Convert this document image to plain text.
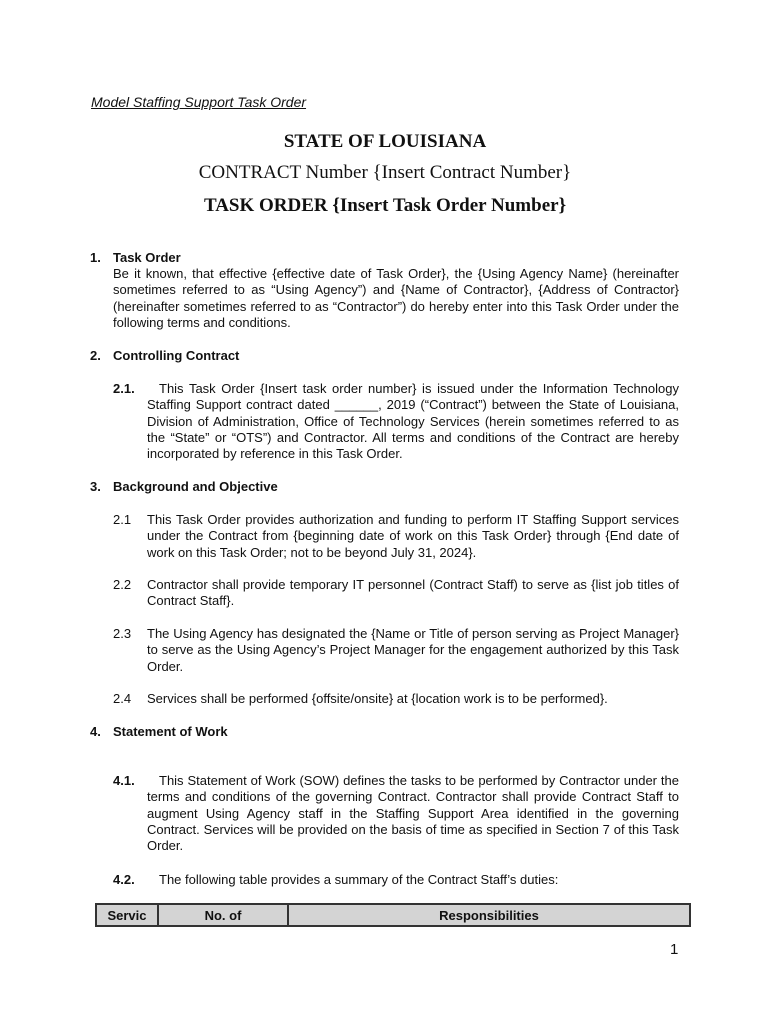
Model Staffing Support Task Order
STATE OF LOUISIANA
CONTRACT Number {Insert Contract Number}
TASK ORDER {Insert Task Order Number}
1. Task Order
Be it known, that effective {effective date of Task Order}, the {Using Agency Name} (hereinafter sometimes referred to as “Using Agency”) and {Name of Contractor}, {Address of Contractor} (hereinafter sometimes referred to as “Contractor”) do hereby enter into this Task Order under the following terms and conditions.
2. Controlling Contract
2.1.	This Task Order {Insert task order number} is issued under the Information Technology Staffing Support contract dated ______, 2019 (“Contract”) between the State of Louisiana, Division of Administration, Office of Technology Services (herein sometimes referred to as the “State” or “OTS”) and Contractor. All terms and conditions of the Contract are hereby incorporated by reference in this Task Order.
3. Background and Objective
2.1 This Task Order provides authorization and funding to perform IT Staffing Support services under the Contract from {beginning date of work on this Task Order} through {End date of work on this Task Order; not to be beyond July 31, 2024}.
2.2 Contractor shall provide temporary IT personnel (Contract Staff) to serve as {list job titles of Contract Staff}.
2.3 The Using Agency has designated the {Name or Title of person serving as Project Manager} to serve as the Using Agency’s Project Manager for the engagement authorized by this Task Order.
2.4 Services shall be performed {offsite/onsite} at {location work is to be performed}.
4. Statement of Work
4.1.	This Statement of Work (SOW) defines the tasks to be performed by Contractor under the terms and conditions of the governing Contract. Contractor shall provide Contract Staff to augment Using Agency staff in the Staffing Support Area identified in the governing Contract. Services will be provided on the basis of time as specified in Section 7 of this Task Order.
4.2.	The following table provides a summary of the Contract Staff’s duties:
Servic	No. of	Responsibilities
1
